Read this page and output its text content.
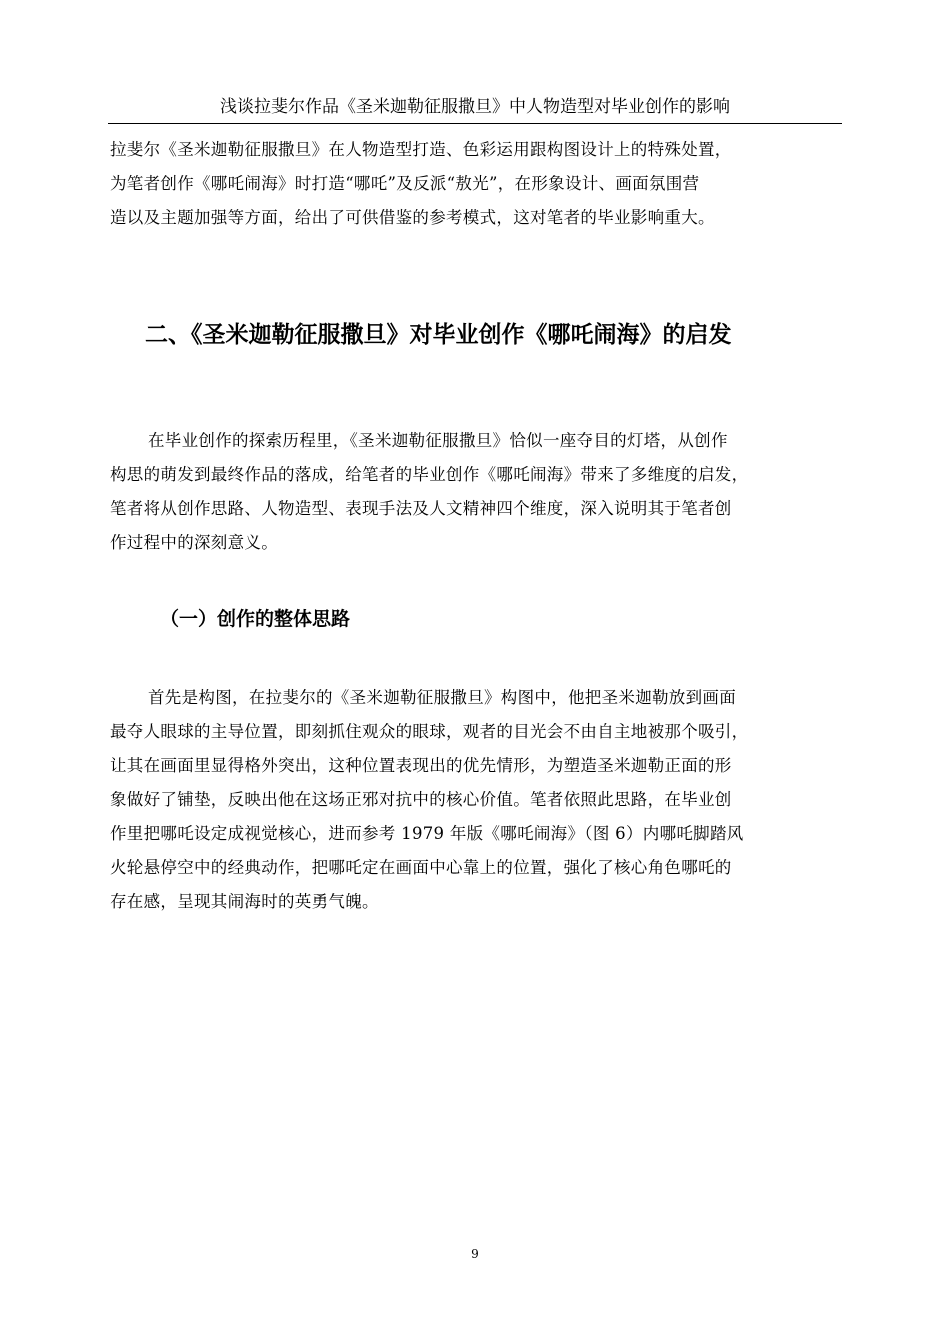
浅谈拉斐尔作品《圣米迦勒征服撒旦》中人物造型对毕业创作的影响
拉斐尔《圣米迦勒征服撒旦》在人物造型打造、色彩运用跟构图设计上的特殊处置，
为笔者创作《哪吒闹海》时打造“哪吒”及反派“敖光”，在形象设计、画面氛围营
造以及主题加强等方面，给出了可供借鉴的参考模式，这对笔者的毕业影响重大。
二、《圣米迦勒征服撒旦》对毕业创作《哪吒闹海》的启发
在毕业创作的探索历程里，《圣米迦勒征服撒旦》恰似一座夺目的灯塔，从创作
构思的萌发到最终作品的落成，给笔者的毕业创作《哪吒闹海》带来了多维度的启发，
笔者将从创作思路、人物造型、表现手法及人文精神四个维度，深入说明其于笔者创
作过程中的深刻意义。
（一）创作的整体思路
首先是构图，在拉斐尔的《圣米迦勒征服撒旦》构图中，他把圣米迦勒放到画面
最夺人眼球的主导位置，即刻抓住观众的眼球，观者的目光会不由自主地被那个吸引，
让其在画面里显得格外突出，这种位置表现出的优先情形，为塑造圣米迦勒正面的形
象做好了铺垫，反映出他在这场正邪对抗中的核心价值。笔者依照此思路，在毕业创
作里把哪吒设定成视觉核心，进而参考 1979 年版《哪吒闹海》（图 6）内哪吒脚踏风
火轮悬停空中的经典动作，把哪吒定在画面中心靠上的位置，强化了核心角色哪吒的
存在感，呈现其闹海时的英勇气魄。
9
